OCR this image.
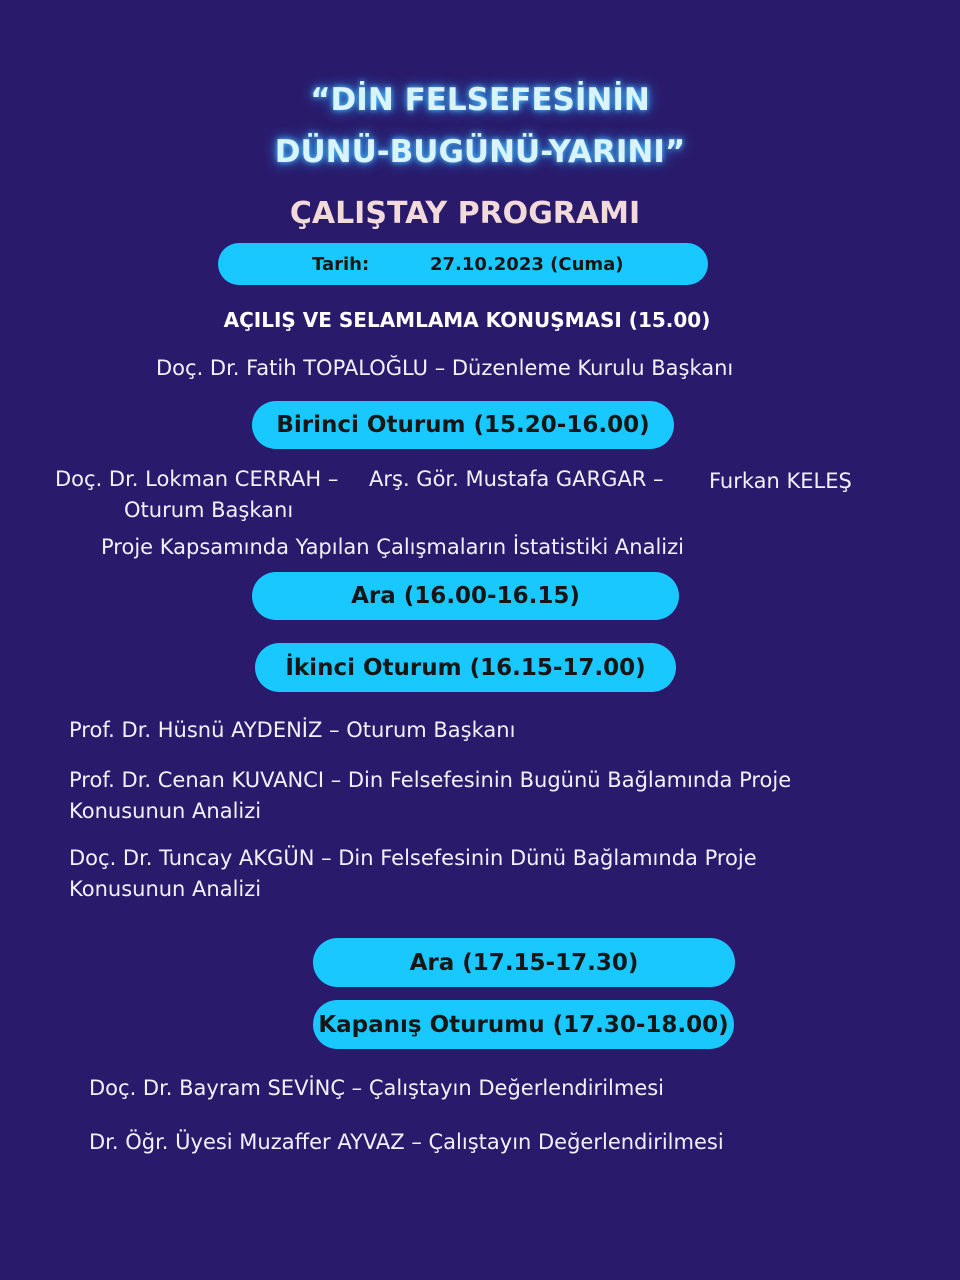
“DİN FELSEFESİNİN
DÜNÜ-BUGÜNÜ-YARINI”
ÇALIŞTAY PROGRAMI
Tarih:	27.10.2023 (Cuma)
AÇILIŞ VE SELAMLAMA KONUŞMASI (15.00)
Doç. Dr. Fatih TOPALOĞLU – Düzenleme Kurulu Başkanı
Birinci Oturum (15.20-16.00)
Doç. Dr. Lokman CERRAH – Arş. Gör. Mustafa GARGAR – Furkan KELEŞ
Oturum Başkanı
Proje Kapsamında Yapılan Çalışmaların İstatistiki Analizi
Ara (16.00-16.15)
İkinci Oturum (16.15-17.00)
Prof. Dr. Hüsnü AYDENİZ – Oturum Başkanı
Prof. Dr. Cenan KUVANCI – Din Felsefesinin Bugünü Bağlamında Proje
Konusunun Analizi
Doç. Dr. Tuncay AKGÜN – Din Felsefesinin Dünü Bağlamında Proje
Konusunun Analizi
Ara (17.15-17.30)
Kapanış Oturumu (17.30-18.00)
Doç. Dr. Bayram SEVİNÇ – Çalıştayın Değerlendirilmesi
Dr. Öğr. Üyesi Muzaffer AYVAZ – Çalıştayın Değerlendirilmesi
